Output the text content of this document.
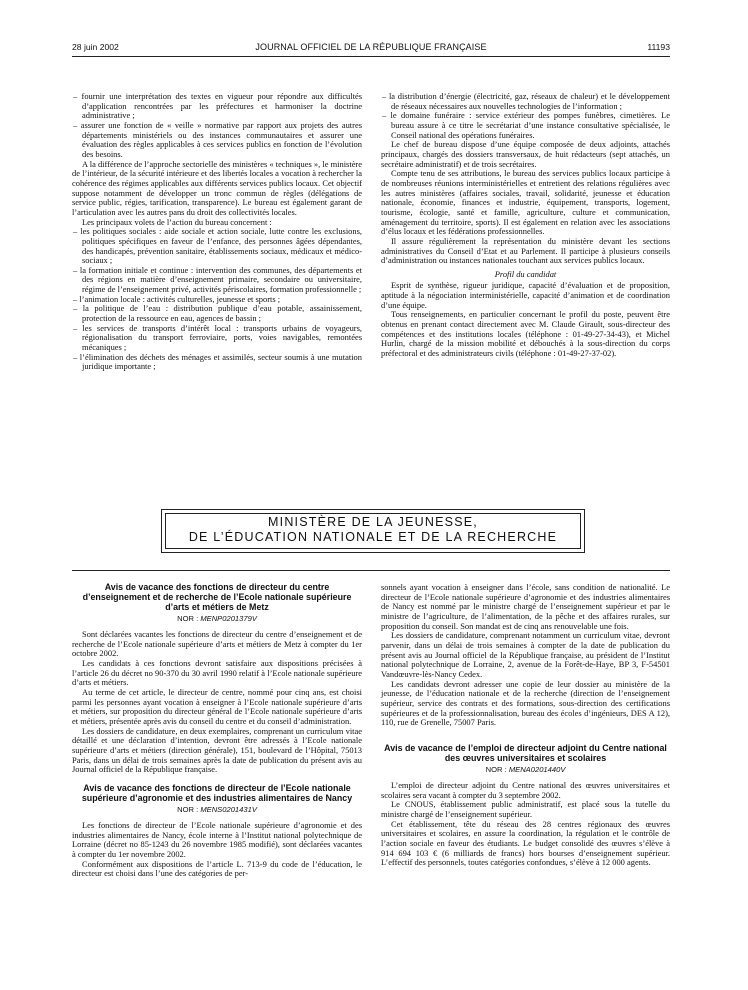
28 juin 2002	JOURNAL OFFICIEL DE LA RÉPUBLIQUE FRANÇAISE	11193

– fournir une interprétation des textes en vigueur pour répondre aux difficultés d’application rencontrées par les préfectures et harmoniser la doctrine administrative ;

– assurer une fonction de « veille » normative par rapport aux projets des autres départements ministériels ou des instances communautaires et assurer une évaluation des règles applicables à ces services publics en fonction de l’évolution des besoins.

A la différence de l’approche sectorielle des ministères « techniques », le ministère de l’intérieur, de la sécurité intérieure et des libertés locales a vocation à rechercher la cohérence des régimes applicables aux différents services publics locaux. Cet objectif suppose notamment de développer un tronc commun de règles (délégations de service public, régies, tarification, transparence). Le bureau est également garant de l’articulation avec les autres pans du droit des collectivités locales.

Les principaux volets de l’action du bureau concernent :

– les politiques sociales : aide sociale et action sociale, lutte contre les exclusions, politiques spécifiques en faveur de l’enfance, des personnes âgées dépendantes, des handicapés, prévention sanitaire, établissements sociaux, médicaux et médico-sociaux ;

– la formation initiale et continue : intervention des communes, des départements et des régions en matière d’enseignement primaire, secondaire ou universitaire, régime de l’enseignement privé, activités périscolaires, formation professionnelle ;

– l’animation locale : activités culturelles, jeunesse et sports ;

– la politique de l’eau : distribution publique d’eau potable, assainissement, protection de la ressource en eau, agences de bassin ;

– les services de transports d’intérêt local : transports urbains de voyageurs, régionalisation du transport ferroviaire, ports, voies navigables, remontées mécaniques ;

– l’élimination des déchets des ménages et assimilés, secteur soumis à une mutation juridique importante ;

– la distribution d’énergie (électricité, gaz, réseaux de chaleur) et le développement de réseaux nécessaires aux nouvelles technologies de l’information ;

– le domaine funéraire : service extérieur des pompes funèbres, cimetières. Le bureau assure à ce titre le secrétariat d’une instance consultative spécialisée, le Conseil national des opérations funéraires.

Le chef de bureau dispose d’une équipe composée de deux adjoints, attachés principaux, chargés des dossiers transversaux, de huit rédacteurs (sept attachés, un secrétaire administratif) et de trois secrétaires.

Compte tenu de ses attributions, le bureau des services publics locaux participe à de nombreuses réunions interministérielles et entretient des relations régulières avec les autres ministères (affaires sociales, travail, solidarité, jeunesse et éducation nationale, économie, finances et industrie, équipement, transports, logement, tourisme, écologie, santé et famille, agriculture, culture et communication, aménagement du territoire, sports). Il est également en relation avec les associations d’élus locaux et les fédérations professionnelles.

Il assure régulièrement la représentation du ministère devant les sections administratives du Conseil d’Etat et au Parlement. Il participe à plusieurs conseils d’administration ou instances nationales touchant aux services publics locaux.

Profil du candidat

Esprit de synthèse, rigueur juridique, capacité d’évaluation et de proposition, aptitude à la négociation interministérielle, capacité d’animation et de coordination d’une équipe.

Tous renseignements, en particulier concernant le profil du poste, peuvent être obtenus en prenant contact directement avec M. Claude Girault, sous-directeur des compétences et des institutions locales (téléphone : 01-49-27-34-43), et Michel Hurlin, chargé de la mission mobilité et débouchés à la sous-direction du corps préfectoral et des administrateurs civils (téléphone : 01-49-27-37-02).

MINISTÈRE DE LA JEUNESSE,
DE L’ÉDUCATION NATIONALE ET DE LA RECHERCHE

Avis de vacance des fonctions de directeur du centre d’enseignement et de recherche de l’Ecole nationale supérieure d’arts et métiers de Metz

NOR : MENP0201379V

Sont déclarées vacantes les fonctions de directeur du centre d’enseignement et de recherche de l’Ecole nationale supérieure d’arts et métiers de Metz à compter du 1er octobre 2002.

Les candidats à ces fonctions devront satisfaire aux dispositions précisées à l’article 26 du décret no 90-370 du 30 avril 1990 relatif à l’Ecole nationale supérieure d’arts et métiers.

Au terme de cet article, le directeur de centre, nommé pour cinq ans, est choisi parmi les personnes ayant vocation à enseigner à l’Ecole nationale supérieure d’arts et métiers, sur proposition du directeur général de l’Ecole nationale supérieure d’arts et métiers, présentée après avis du conseil du centre et du conseil d’administration.

Les dossiers de candidature, en deux exemplaires, comprenant un curriculum vitae détaillé et une déclaration d’intention, devront être adressés à l’Ecole nationale supérieure d’arts et métiers (direction générale), 151, boulevard de l’Hôpital, 75013 Paris, dans un délai de trois semaines après la date de publication du présent avis au Journal officiel de la République française.

Avis de vacance des fonctions de directeur de l’Ecole nationale supérieure d’agronomie et des industries alimentaires de Nancy

NOR : MENS0201431V

Les fonctions de directeur de l’Ecole nationale supérieure d’agronomie et des industries alimentaires de Nancy, école interne à l’Institut national polytechnique de Lorraine (décret no 85-1243 du 26 novembre 1985 modifié), sont déclarées vacantes à compter du 1er novembre 2002.

Conformément aux dispositions de l’article L. 713-9 du code de l’éducation, le directeur est choisi dans l’une des catégories de per-

sonnels ayant vocation à enseigner dans l’école, sans condition de nationalité. Le directeur de l’Ecole nationale supérieure d’agronomie et des industries alimentaires de Nancy est nommé par le ministre chargé de l’enseignement supérieur et par le ministre de l’agriculture, de l’alimentation, de la pêche et des affaires rurales, sur proposition du conseil. Son mandat est de cinq ans renouvelable une fois.

Les dossiers de candidature, comprenant notamment un curriculum vitae, devront parvenir, dans un délai de trois semaines à compter de la date de publication du présent avis au Journal officiel de la République française, au président de l’Institut national polytechnique de Lorraine, 2, avenue de la Forêt-de-Haye, BP 3, F-54501 Vandœuvre-lès-Nancy Cedex.

Les candidats devront adresser une copie de leur dossier au ministère de la jeunesse, de l’éducation nationale et de la recherche (direction de l’enseignement supérieur, service des contrats et des formations, sous-direction des certifications supérieures et de la professionnalisation, bureau des écoles d’ingénieurs, DES A 12), 110, rue de Grenelle, 75007 Paris.

Avis de vacance de l’emploi de directeur adjoint du Centre national des œuvres universitaires et scolaires

NOR : MENA0201440V

L’emploi de directeur adjoint du Centre national des œuvres universitaires et scolaires sera vacant à compter du 3 septembre 2002.

Le CNOUS, établissement public administratif, est placé sous la tutelle du ministre chargé de l’enseignement supérieur.

Cet établissement, tête du réseau des 28 centres régionaux des œuvres universitaires et scolaires, en assure la coordination, la régulation et le contrôle de l’action sociale en faveur des étudiants. Le budget consolidé des œuvres s’élève à 914 694 103 € (6 milliards de francs) hors bourses d’enseignement supérieur. L’effectif des personnels, toutes catégories confondues, s’élève à 12 000 agents.
